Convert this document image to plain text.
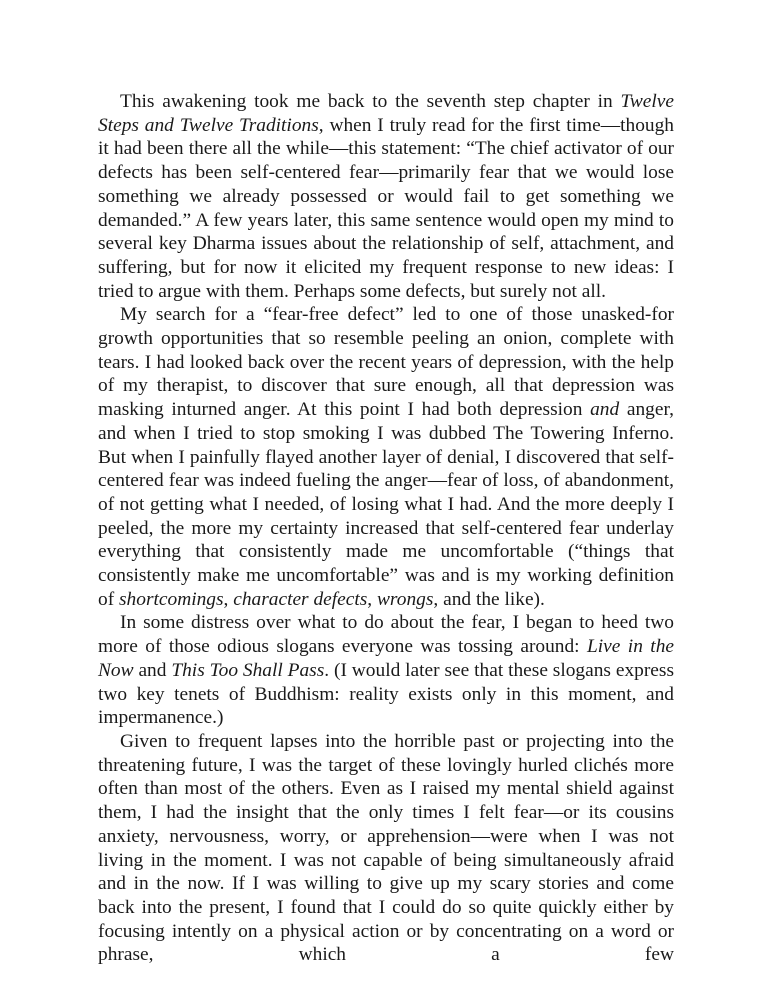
This awakening took me back to the seventh step chapter in Twelve Steps and Twelve Traditions, when I truly read for the first time—though it had been there all the while—this statement: “The chief activator of our defects has been self-centered fear—primarily fear that we would lose something we already possessed or would fail to get something we demanded.” A few years later, this same sentence would open my mind to several key Dharma issues about the relationship of self, attachment, and suffering, but for now it elicited my frequent response to new ideas: I tried to argue with them. Perhaps some defects, but surely not all.

My search for a “fear-free defect” led to one of those unasked-for growth opportunities that so resemble peeling an onion, complete with tears. I had looked back over the recent years of depression, with the help of my therapist, to discover that sure enough, all that depression was masking inturned anger. At this point I had both depression and anger, and when I tried to stop smoking I was dubbed The Towering Inferno. But when I painfully flayed another layer of denial, I discovered that self-centered fear was indeed fueling the anger—fear of loss, of abandonment, of not getting what I needed, of losing what I had. And the more deeply I peeled, the more my certainty increased that self-centered fear underlay everything that consistently made me uncomfortable (“things that consistently make me uncomfortable” was and is my working definition of shortcomings, character defects, wrongs, and the like).

In some distress over what to do about the fear, I began to heed two more of those odious slogans everyone was tossing around: Live in the Now and This Too Shall Pass. (I would later see that these slogans express two key tenets of Buddhism: reality exists only in this moment, and impermanence.)

Given to frequent lapses into the horrible past or projecting into the threatening future, I was the target of these lovingly hurled clichés more often than most of the others. Even as I raised my mental shield against them, I had the insight that the only times I felt fear—or its cousins anxiety, nervousness, worry, or apprehension—were when I was not living in the moment. I was not capable of being simultaneously afraid and in the now. If I was willing to give up my scary stories and come back into the present, I found that I could do so quite quickly either by focusing intently on a physical action or by concentrating on a word or phrase, which a few
